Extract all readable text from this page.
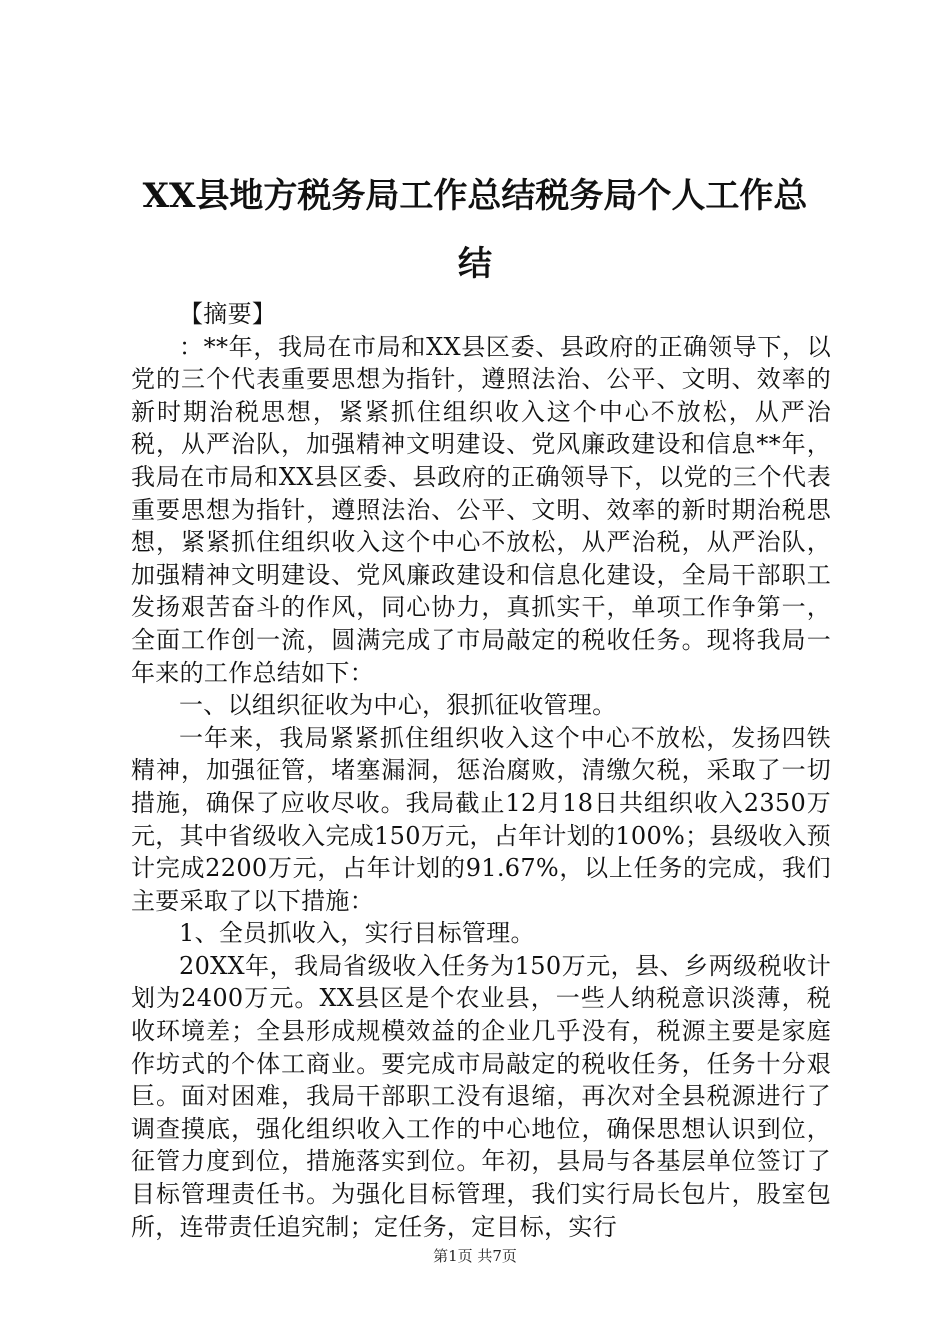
XX县地方税务局工作总结税务局个人工作总结

【摘要】

：**年，我局在市局和XX县区委、县政府的正确领导下，以党的三个代表重要思想为指针，遵照法治、公平、文明、效率的新时期治税思想，紧紧抓住组织收入这个中心不放松，从严治税，从严治队，加强精神文明建设、党风廉政建设和信息**年，我局在市局和XX县区委、县政府的正确领导下，以党的三个代表重要思想为指针，遵照法治、公平、文明、效率的新时期治税思想，紧紧抓住组织收入这个中心不放松，从严治税，从严治队，加强精神文明建设、党风廉政建设和信息化建设，全局干部职工发扬艰苦奋斗的作风，同心协力，真抓实干，单项工作争第一，全面工作创一流，圆满完成了市局敲定的税收任务。现将我局一年来的工作总结如下：

一、以组织征收为中心，狠抓征收管理。

一年来，我局紧紧抓住组织收入这个中心不放松，发扬四铁精神，加强征管，堵塞漏洞，惩治腐败，清缴欠税，采取了一切措施，确保了应收尽收。我局截止12月18日共组织收入2350万元，其中省级收入完成150万元，占年计划的100%；县级收入预计完成2200万元，占年计划的91.67%，以上任务的完成，我们主要采取了以下措施：

1、全员抓收入，实行目标管理。

20XX年，我局省级收入任务为150万元，县、乡两级税收计划为2400万元。XX县区是个农业县，一些人纳税意识淡薄，税收环境差；全县形成规模效益的企业几乎没有，税源主要是家庭作坊式的个体工商业。要完成市局敲定的税收任务，任务十分艰巨。面对困难，我局干部职工没有退缩，再次对全县税源进行了调查摸底，强化组织收入工作的中心地位，确保思想认识到位，征管力度到位，措施落实到位。年初，县局与各基层单位签订了目标管理责任书。为强化目标管理，我们实行局长包片，股室包所，连带责任追究制；定任务，定目标，实行

第1页 共7页
